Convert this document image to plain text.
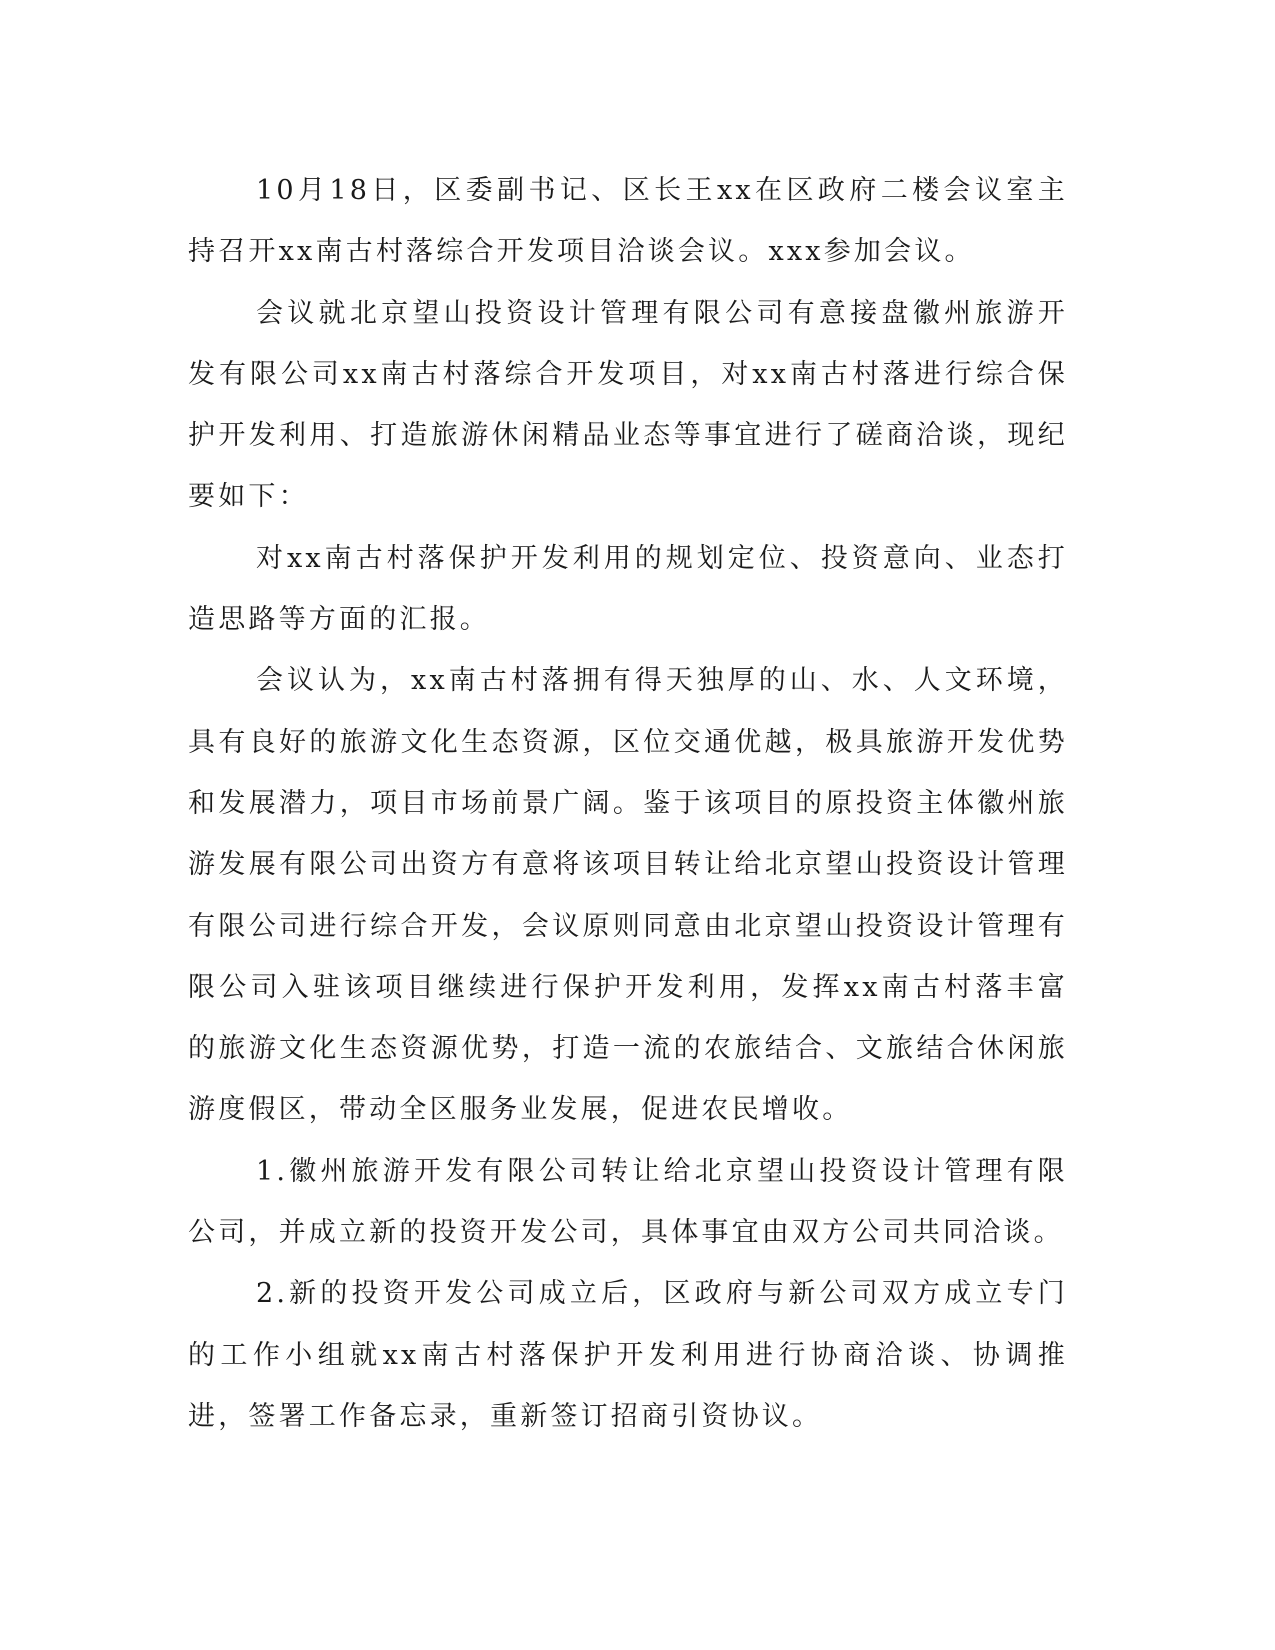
10月18日，区委副书记、区长王xx在区政府二楼会议室主持召开xx南古村落综合开发项目洽谈会议。xxx参加会议。

会议就北京望山投资设计管理有限公司有意接盘徽州旅游开发有限公司xx南古村落综合开发项目，对xx南古村落进行综合保护开发利用、打造旅游休闲精品业态等事宜进行了磋商洽谈，现纪要如下：

对xx南古村落保护开发利用的规划定位、投资意向、业态打造思路等方面的汇报。

会议认为，xx南古村落拥有得天独厚的山、水、人文环境，具有良好的旅游文化生态资源，区位交通优越，极具旅游开发优势和发展潜力，项目市场前景广阔。鉴于该项目的原投资主体徽州旅游发展有限公司出资方有意将该项目转让给北京望山投资设计管理有限公司进行综合开发，会议原则同意由北京望山投资设计管理有限公司入驻该项目继续进行保护开发利用，发挥xx南古村落丰富的旅游文化生态资源优势，打造一流的农旅结合、文旅结合休闲旅游度假区，带动全区服务业发展，促进农民增收。

1.徽州旅游开发有限公司转让给北京望山投资设计管理有限公司，并成立新的投资开发公司，具体事宜由双方公司共同洽谈。

2.新的投资开发公司成立后，区政府与新公司双方成立专门的工作小组就xx南古村落保护开发利用进行协商洽谈、协调推进，签署工作备忘录，重新签订招商引资协议。
